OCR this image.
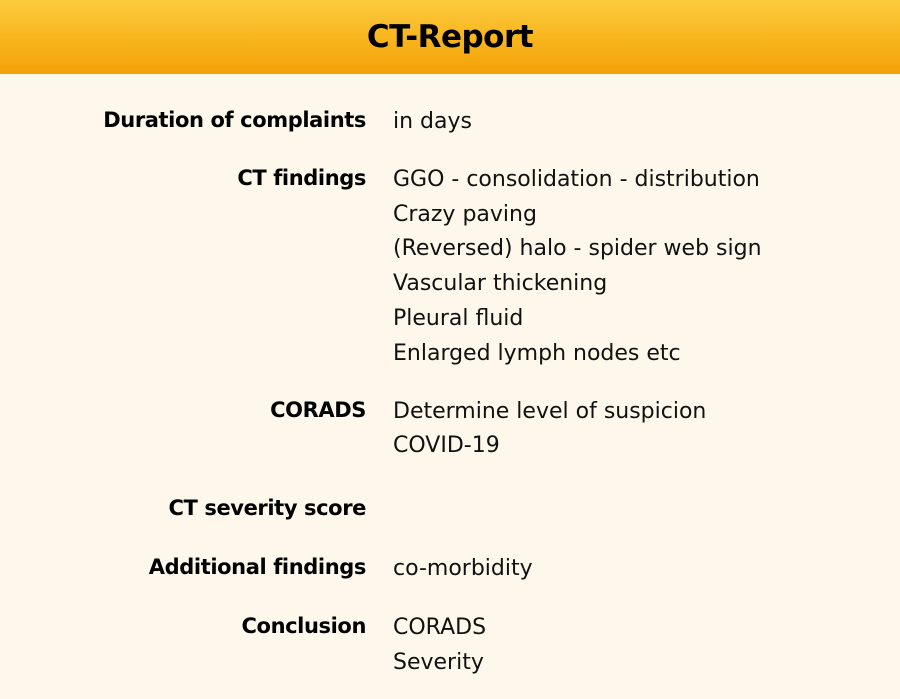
CT-Report
Duration of complaints in days
CT findings GGO - consolidation - distribution
Crazy paving
(Reversed) halo - spider web sign
Vascular thickening
Pleural fluid
Enlarged lymph nodes etc
CORADS Determine level of suspicion
COVID-19
CT severity score
Additional findings co-morbidity
Conclusion CORADS
Severity
